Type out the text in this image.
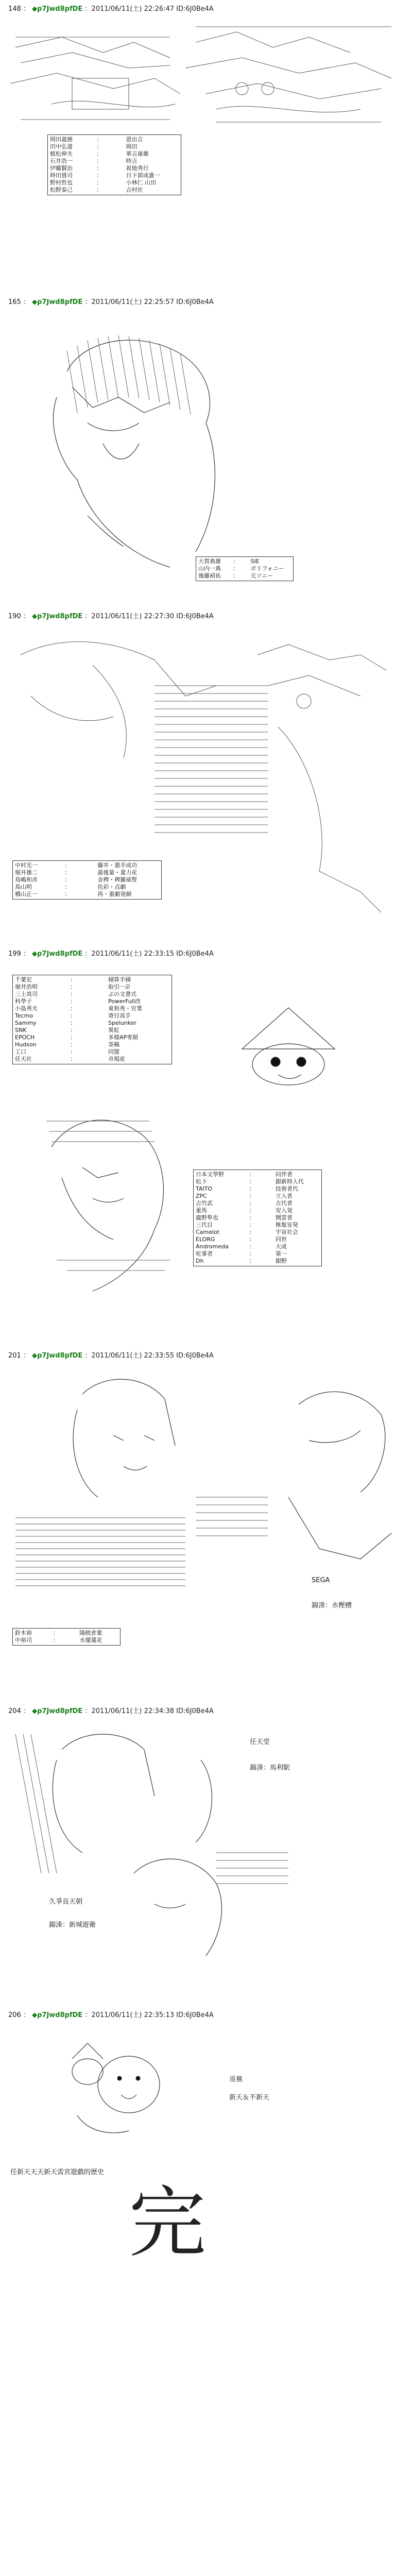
148 ： ◆p7Jwd8pfDE ：2011/06/11(土) 22:26:47 ID:6J0Be4A
岡田義徳	：	恩出吉
田中弘道	：	岡田
植松伸夫	：	軍吉康雄
石井浩一	：	時吉
伊藤賢治	：	祝地秀行
時田貴司	：	日下部成誰一
野村哲也	：	小林仁 山田
松野泰己	：	吉村社
165 ： ◆p7Jwd8pfDE ：2011/06/11(土) 22:25:57 ID:6J0Be4A
大賀典雄	：	SIE
山内一典	：	ポリフォニー
後藤禎祐	：	元ソニー
190 ： ◆p7Jwd8pfDE ：2011/06/11(土) 22:27:30 ID:6J0Be4A
中村光一	：	藤井・悪手成功
堀井雄二	：	最後量・量力花
鳥嶋和彦	：	金稗・稗羅威腎
鳥山明	：	色彩・点劇
橋山正一	：	再・重劇発網
199 ： ◆p7Jwd8pfDE ：2011/06/11(土) 22:33:15 ID:6J0Be4A
千葉宏	：	積算手積
堀井浩明	：	取引一計
三上真司	：	ぶの文書式
科學子	：	PowerFull改
小島秀夫	：	東和秀・官業
Tecmo	：	寄付高手
Sammy	：	Spelunker
SNK	：	異虹
EPOCH	：	多様AP専制
Hudson	：	茶稿
工口	：	同盟
任天社	：	市規産
日本文學野	：	同伴者
松下	：	銀新時入代
TAITO	：	技術者代
ZPC	：	立入者
吉竹武	：	古代者
重馬	：	安入発
龍野隼也	：	開雲者
三代目	：	株集安発
Camelot	：	宇宙社会
ELORG	：	同世
Andromeda	：	大成
吃事者	：	第一
Dh	：	銀野
201 ： ◆p7Jwd8pfDE ：2011/06/11(土) 22:33:55 ID:6J0Be4A
SEGA
錦湊：水樫槽
鈴木裕	：	隆暁倉葉
中裕司	：	水優蓮花
204 ： ◆p7Jwd8pfDE ：2011/06/11(土) 22:34:38 ID:6J0Be4A
任天堂
錦湊：馬利駅
久爭良天朝
錦湊：新城遊衛
206 ： ◆p7Jwd8pfDE ：2011/06/11(土) 22:35:13 ID:6J0Be4A
哥蕪
新天＆不新天
任新天天天新天需宮遊戯的歴史
完
